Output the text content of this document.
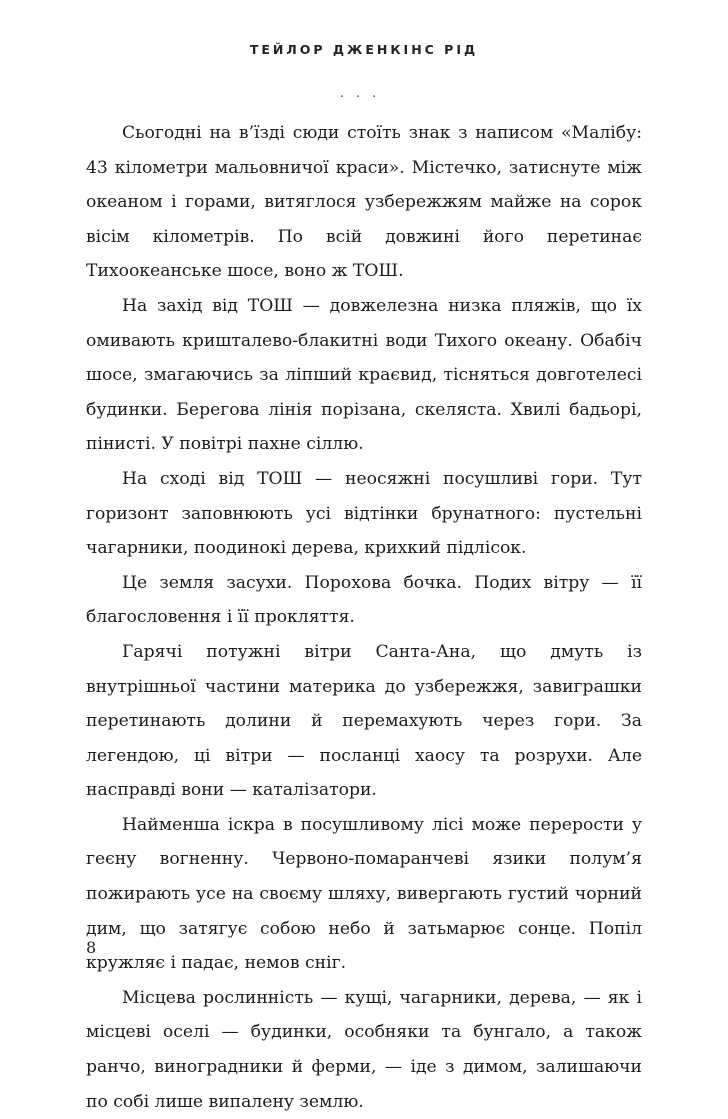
ТЕЙЛОР ДЖЕНКІНС РІД
...

Сьогодні на в’їзді сюди стоїть знак з написом «Малібу: 43 кілометри мальовничої краси». Містечко, затиснуте між океаном і горами, витяглося узбережжям майже на сорок вісім кілометрів. По всій довжині його перетинає Тихоокеанське шосе, воно ж ТОШ.

На захід від ТОШ — довжелезна низка пляжів, що їх омивають кришталево-блакитні води Тихого океану. Обабіч шосе, змагаючись за ліпший краєвид, тісняться довготелесі будинки. Берегова лінія порізана, скеляста. Хвилі бадьорі, пінисті. У повітрі пахне сіллю.

На сході від ТОШ — неосяжні посушливі гори. Тут горизонт заповнюють усі відтінки брунатного: пустельні чагарники, поодинокі дерева, крихкий підлісок.

Це земля засухи. Порохова бочка. Подих вітру — її благословення і її прокляття.

Гарячі потужні вітри Санта-Ана, що дмуть із внутрішньої частини материка до узбережжя, завиграшки перетинають долини й перемахують через гори. За легендою, ці вітри — посланці хаосу та розрухи. Але насправді вони — каталізатори.

Найменша іскра в посушливому лісі може перерости у геєну вогненну. Червоно-помаранчеві язики полум’я пожирають усе на своєму шляху, вивергають густий чорний дим, що затягує собою небо й затьмарює сонце. Попіл кружляє і падає, немов сніг.

Місцева рослинність — кущі, чагарники, дерева, — як і місцеві оселі — будинки, особняки та бунгало, а також ранчо, виноградники й ферми, — іде з димом, залишаючи по собі лише випалену землю.

8
